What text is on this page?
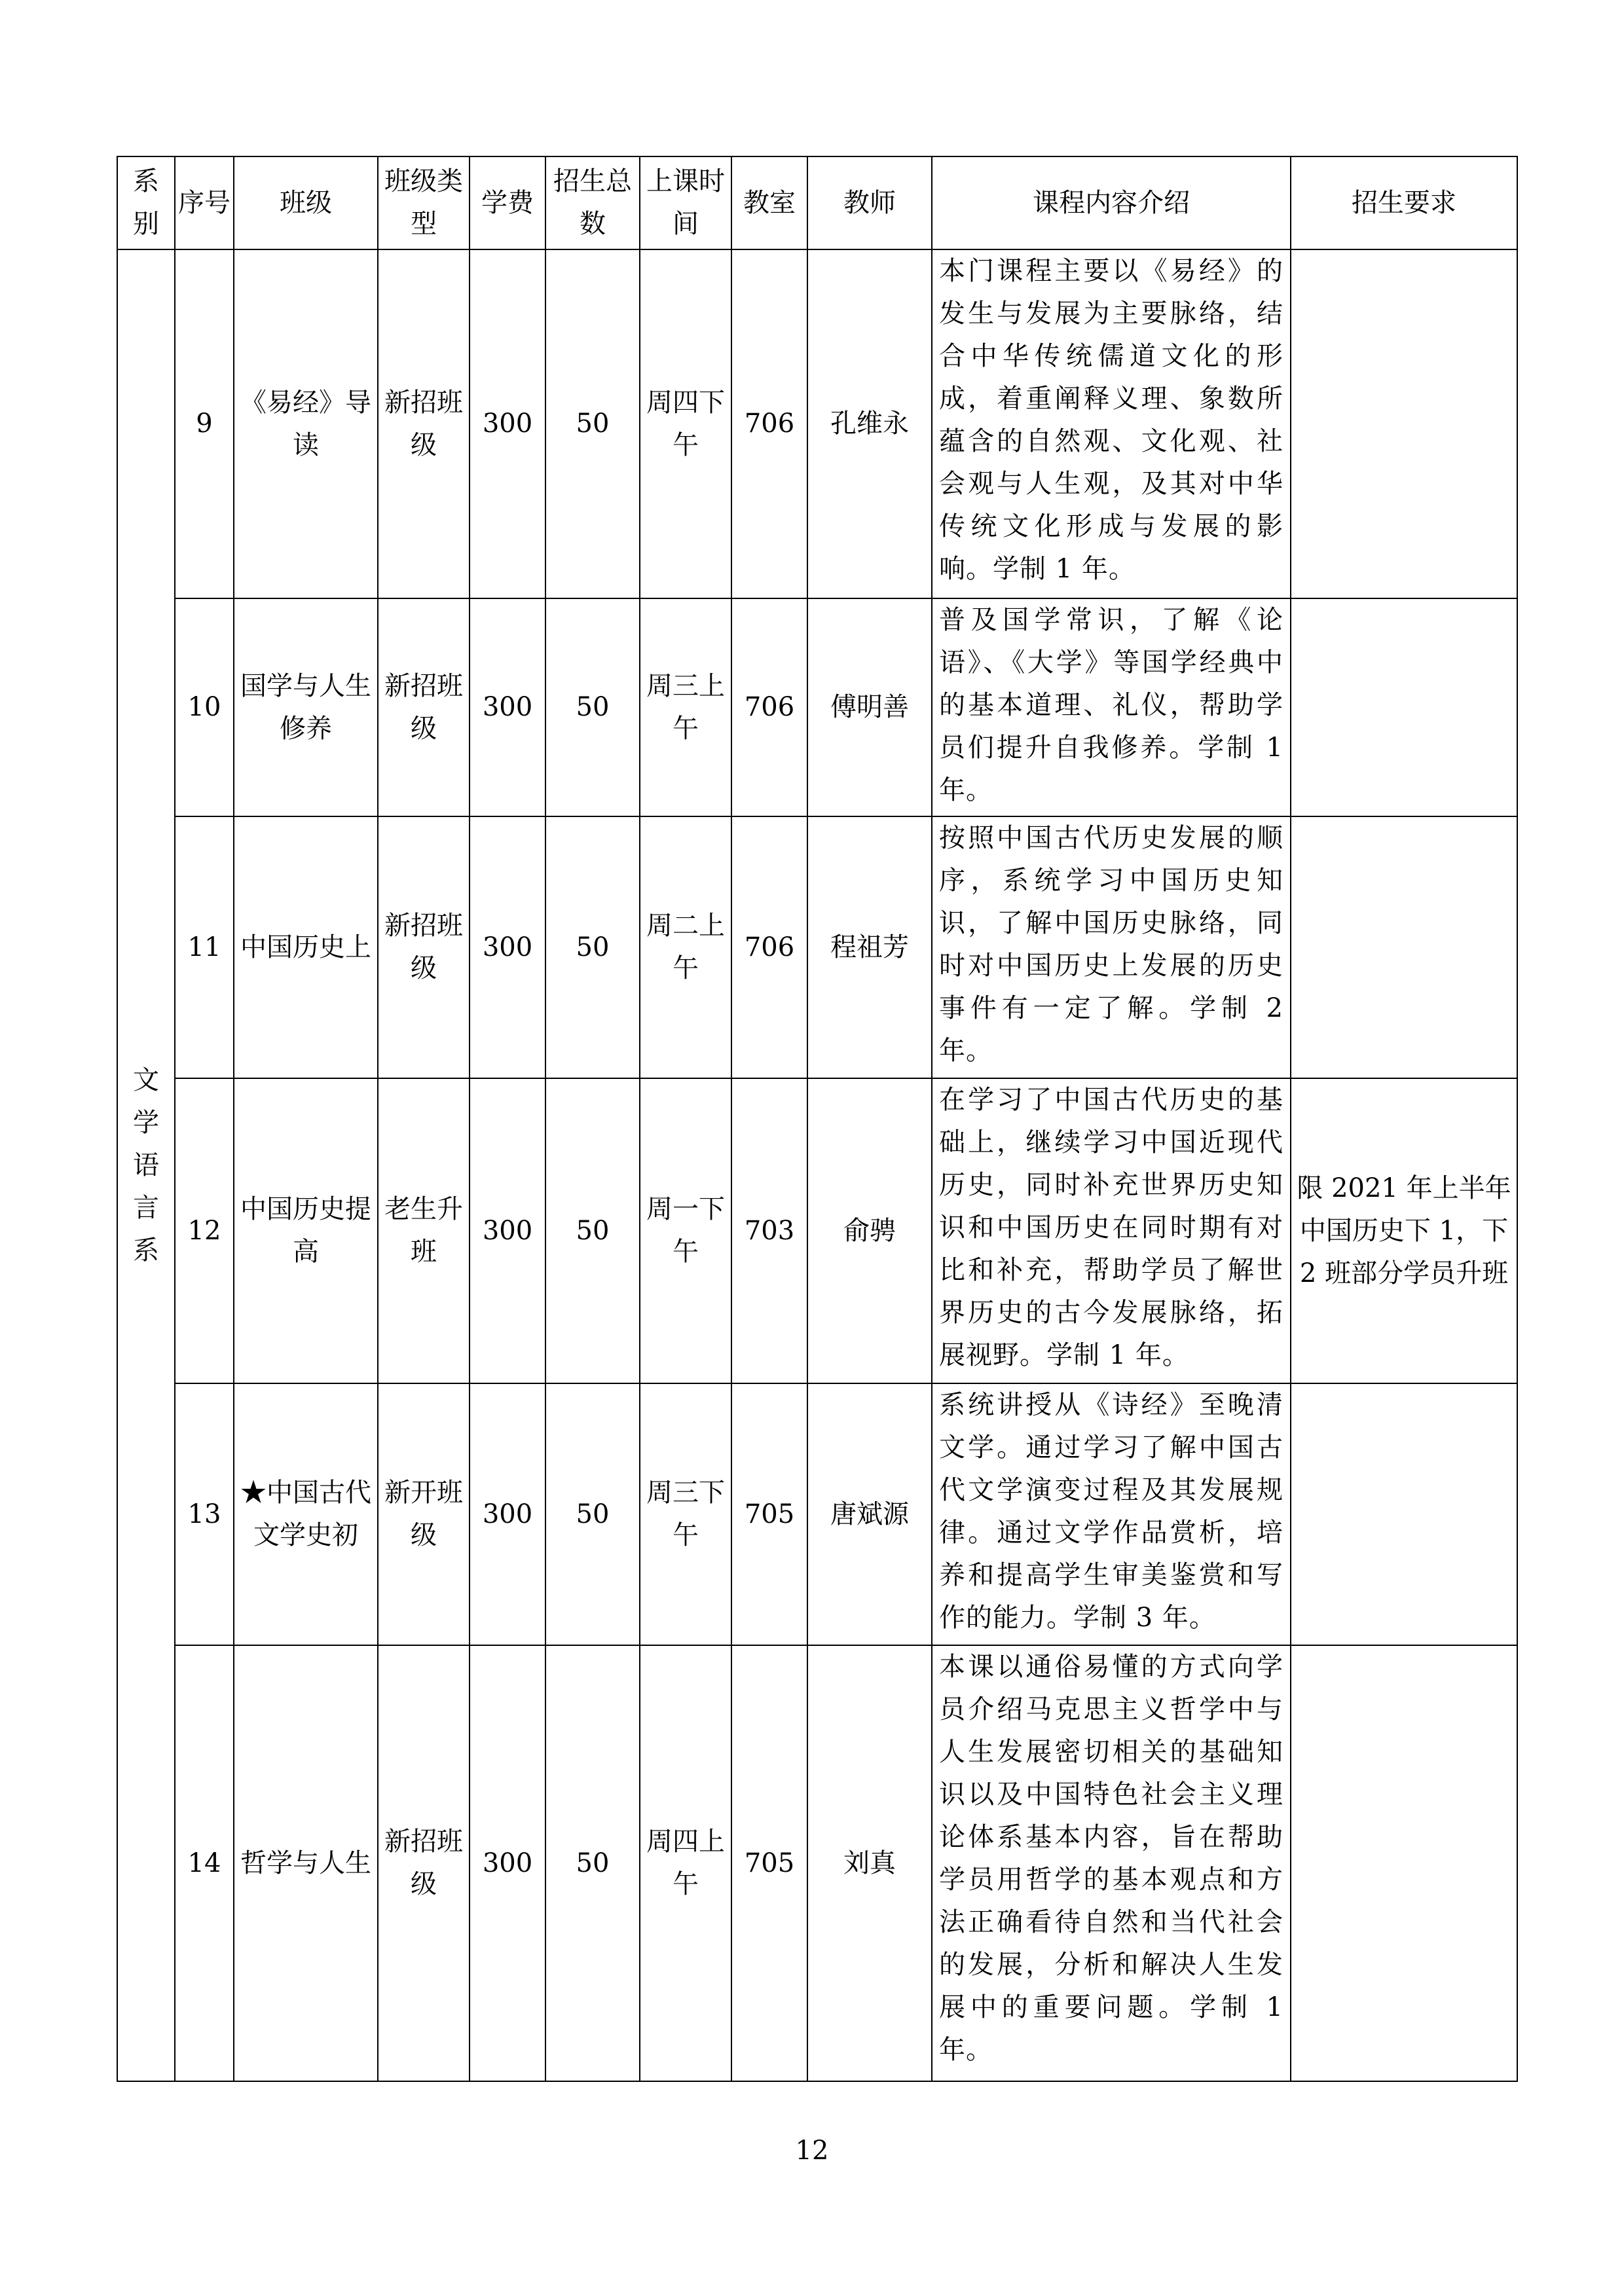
系别	序号	班级	班级类型	学费	招生总数	上课时间	教室	教师	课程内容介绍	招生要求
文学语言系	9	《易经》导读	新招班级	300	50	周四下午	706	孔维永	本门课程主要以《易经》的发生与发展为主要脉络，结合中华传统儒道文化的形成，着重阐释义理、象数所蕴含的自然观、文化观、社会观与人生观，及其对中华传统文化形成与发展的影响。学制 1 年。	
	10	国学与人生修养	新招班级	300	50	周三上午	706	傅明善	普及国学常识，了解《论语》、《大学》等国学经典中的基本道理、礼仪，帮助学员们提升自我修养。学制 1 年。	
	11	中国历史上	新招班级	300	50	周二上午	706	程祖芳	按照中国古代历史发展的顺序，系统学习中国历史知识，了解中国历史脉络，同时对中国历史上发展的历史事件有一定了解。学制 2 年。	
	12	中国历史提高	老生升班	300	50	周一下午	703	俞骋	在学习了中国古代历史的基础上，继续学习中国近现代历史，同时补充世界历史知识和中国历史在同时期有对比和补充，帮助学员了解世界历史的古今发展脉络，拓展视野。学制 1 年。	限 2021 年上半年中国历史下 1，下 2 班部分学员升班
	13	★中国古代文学史初	新开班级	300	50	周三下午	705	唐斌源	系统讲授从《诗经》至晚清文学。通过学习了解中国古代文学演变过程及其发展规律。通过文学作品赏析，培养和提高学生审美鉴赏和写作的能力。学制 3 年。	
	14	哲学与人生	新招班级	300	50	周四上午	705	刘真	本课以通俗易懂的方式向学员介绍马克思主义哲学中与人生发展密切相关的基础知识以及中国特色社会主义理论体系基本内容，旨在帮助学员用哲学的基本观点和方法正确看待自然和当代社会的发展，分析和解决人生发展中的重要问题。学制 1 年。	
12
